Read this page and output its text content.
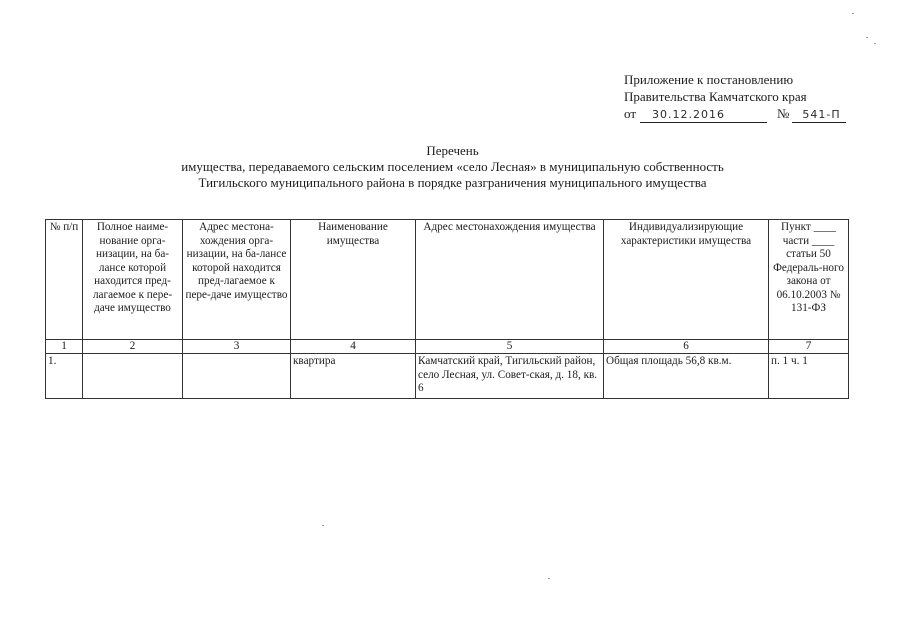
Приложение к постановлению
Правительства Камчатского края
от	30.12.2016	№	541-П
Перечень
имущества, передаваемого сельским поселением «село Лесная» в муниципальную собственность
Тигильского муниципального района в порядке разграничения муниципального имущества
№ п/п	Полное наиме-нование орга-низации, на ба-лансе которой находится пред-лагаемое к пере-даче имущество	Адрес местона-хождения орга-низации, на ба-лансе которой находится пред-лагаемое к пере-даче имущество	Наименование имущества	Адрес местонахождения имущества	Индивидуализирующие характеристики имущества	Пункт ____ части ____ статьи 50 Федераль-ного закона от 06.10.2003 № 131-ФЗ
1	2	3	4	5	6	7
1.			квартира	Камчатский край, Тигильский район, село Лесная, ул. Совет-ская, д. 18, кв. 6	Общая площадь 56,8 кв.м.	п. 1 ч. 1
